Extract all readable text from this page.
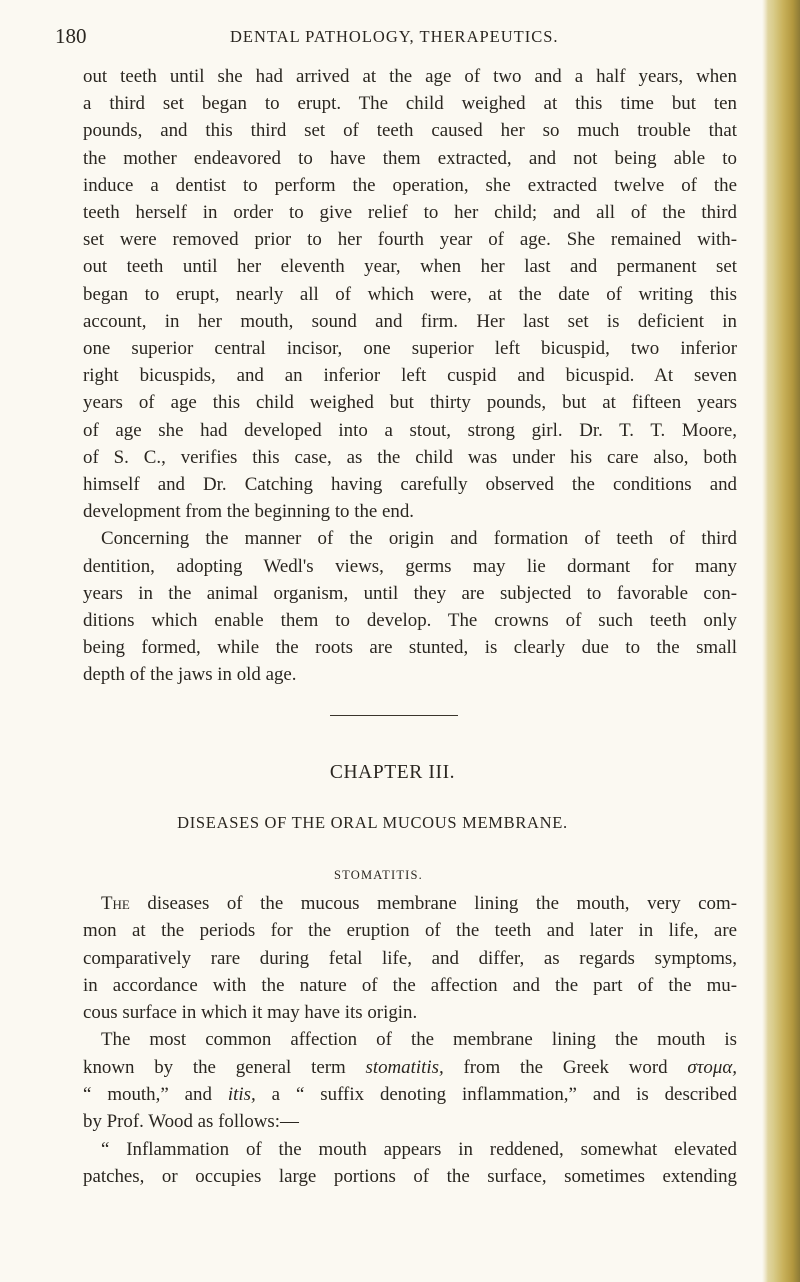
180	DENTAL PATHOLOGY, THERAPEUTICS.
out teeth until she had arrived at the age of two and a half years, when
a third set began to erupt. The child weighed at this time but ten
pounds, and this third set of teeth caused her so much trouble that
the mother endeavored to have them extracted, and not being able to
induce a dentist to perform the operation, she extracted twelve of the
teeth herself in order to give relief to her child; and all of the third
set were removed prior to her fourth year of age. She remained with-
out teeth until her eleventh year, when her last and permanent set
began to erupt, nearly all of which were, at the date of writing this
account, in her mouth, sound and firm. Her last set is deficient in
one superior central incisor, one superior left bicuspid, two inferior
right bicuspids, and an inferior left cuspid and bicuspid. At seven
years of age this child weighed but thirty pounds, but at fifteen years
of age she had developed into a stout, strong girl. Dr. T. T. Moore,
of S. C., verifies this case, as the child was under his care also, both
himself and Dr. Catching having carefully observed the conditions and
development from the beginning to the end.
Concerning the manner of the origin and formation of teeth of third
dentition, adopting Wedl's views, germs may lie dormant for many
years in the animal organism, until they are subjected to favorable con-
ditions which enable them to develop. The crowns of such teeth only
being formed, while the roots are stunted, is clearly due to the small
depth of the jaws in old age.
CHAPTER III.
DISEASES OF THE ORAL MUCOUS MEMBRANE.
STOMATITIS.
The diseases of the mucous membrane lining the mouth, very com-
mon at the periods for the eruption of the teeth and later in life, are
comparatively rare during fetal life, and differ, as regards symptoms,
in accordance with the nature of the affection and the part of the mu-
cous surface in which it may have its origin.
The most common affection of the membrane lining the mouth is
known by the general term stomatitis, from the Greek word στομα,
“ mouth,” and itis, a “ suffix denoting inflammation,” and is described
by Prof. Wood as follows:—
“ Inflammation of the mouth appears in reddened, somewhat elevated
patches, or occupies large portions of the surface, sometimes extending
